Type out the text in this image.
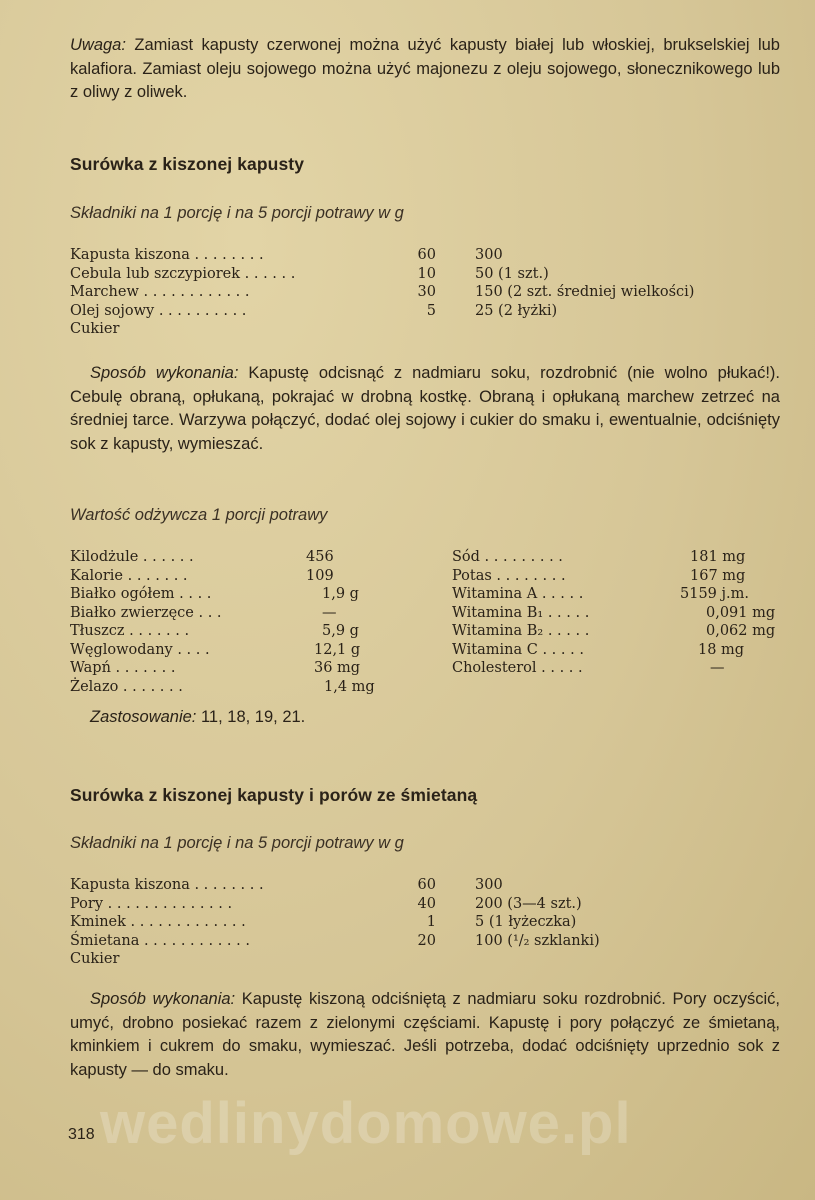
Uwaga: Zamiast kapusty czerwonej można użyć kapusty białej lub włoskiej, brukselskiej lub kalafiora. Zamiast oleju sojowego można użyć majonezu z oleju sojowego, słonecznikowego lub z oliwy z oliwek.
Surówka z kiszonej kapusty
Składniki na 1 porcję i na 5 porcji potrawy w g
Kapusta kiszona . . . . . . . .	60	300
Cebula lub szczypiorek . . . . . .	10	50 (1 szt.)
Marchew . . . . . . . . . . . .	30	150 (2 szt. średniej wielkości)
Olej sojowy . . . . . . . . . .	5	25 (2 łyżki)
Cukier
Sposób wykonania: Kapustę odcisnąć z nadmiaru soku, rozdrobnić (nie wolno płukać!). Cebulę obraną, opłukaną, pokrajać w drobną kostkę. Obraną i opłukaną marchew zetrzeć na średniej tarce. Warzywa połączyć, dodać olej sojowy i cukier do smaku i, ewentualnie, odciśnięty sok z kapusty, wymieszać.
Wartość odżywcza 1 porcji potrawy
Kilodżule . . . . . .	456
Kalorie . . . . . . .	109
Białko ogółem . . . .	1,9 g
Białko zwierzęce . . .	—
Tłuszcz . . . . . . .	5,9 g
Węglowodany . . . .	12,1 g
Wapń . . . . . . .	36 mg
Żelazo . . . . . . .	1,4 mg
Sód . . . . . . . . .	181 mg
Potas . . . . . . . .	167 mg
Witamina A . . . . .	5159 j.m.
Witamina B₁ . . . . .	0,091 mg
Witamina B₂ . . . . .	0,062 mg
Witamina C . . . . .	18 mg
Cholesterol . . . . .	—
Zastosowanie: 11, 18, 19, 21.
Surówka z kiszonej kapusty i porów ze śmietaną
Składniki na 1 porcję i na 5 porcji potrawy w g
Kapusta kiszona . . . . . . . .	60	300
Pory . . . . . . . . . . . . . .	40	200 (3—4 szt.)
Kminek . . . . . . . . . . . . .	1	5 (1 łyżeczka)
Śmietana . . . . . . . . . . . .	20	100 (¹/₂ szklanki)
Cukier
Sposób wykonania: Kapustę kiszoną odciśniętą z nadmiaru soku rozdrobnić. Pory oczyścić, umyć, drobno posiekać razem z zielonymi częściami. Kapustę i pory połączyć ze śmietaną, kminkiem i cukrem do smaku, wymieszać. Jeśli potrzeba, dodać odciśnięty uprzednio sok z kapusty — do smaku.
wedlinydomowe.pl
318
